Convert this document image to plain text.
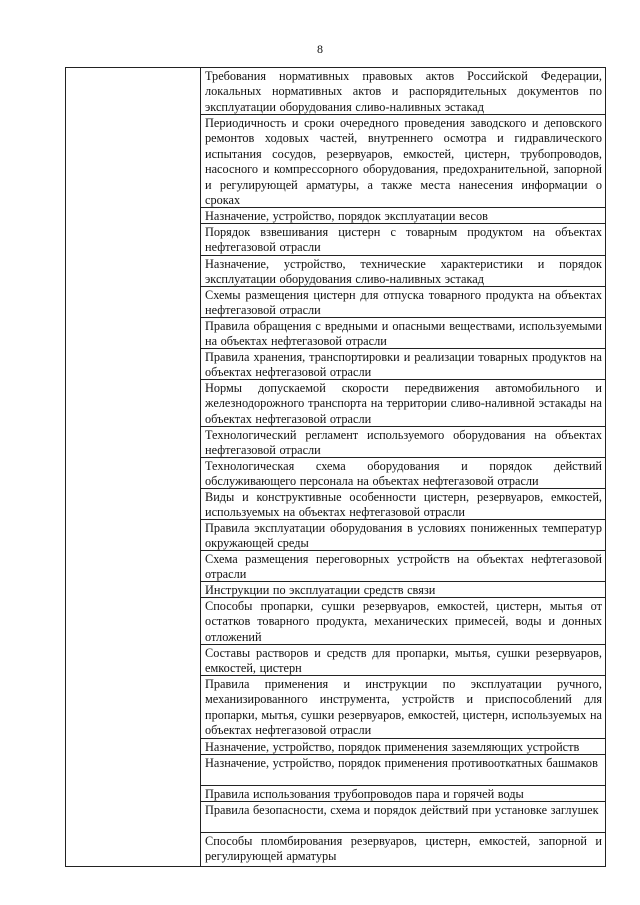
8
Требования нормативных правовых актов Российской Федерации, локальных нормативных актов и распорядительных документов по эксплуатации оборудования сливо-наливных эстакад
Периодичность и сроки очередного проведения заводского и деповского ремонтов ходовых частей, внутреннего осмотра и гидравлического испытания сосудов, резервуаров, емкостей, цистерн, трубопроводов, насосного и компрессорного оборудования, предохранительной, запорной и регулирующей арматуры, а также места нанесения информации о сроках
Назначение, устройство, порядок эксплуатации весов
Порядок взвешивания цистерн с товарным продуктом на объектах нефтегазовой отрасли
Назначение, устройство, технические характеристики и порядок эксплуатации оборудования сливо-наливных эстакад
Схемы размещения цистерн для отпуска товарного продукта на объектах нефтегазовой отрасли
Правила обращения с вредными и опасными веществами, используемыми на объектах нефтегазовой отрасли
Правила хранения, транспортировки и реализации товарных продуктов на объектах нефтегазовой отрасли
Нормы допускаемой скорости передвижения автомобильного и железнодорожного транспорта на территории сливо-наливной эстакады на объектах нефтегазовой отрасли
Технологический регламент используемого оборудования на объектах нефтегазовой отрасли
Технологическая схема оборудования и порядок действий обслуживающего персонала на объектах нефтегазовой отрасли
Виды и конструктивные особенности цистерн, резервуаров, емкостей, используемых на объектах нефтегазовой отрасли
Правила эксплуатации оборудования в условиях пониженных температур окружающей среды
Схема размещения переговорных устройств на объектах нефтегазовой отрасли
Инструкции по эксплуатации средств связи
Способы пропарки, сушки резервуаров, емкостей, цистерн, мытья от остатков товарного продукта, механических примесей, воды и донных отложений
Составы растворов и средств для пропарки, мытья, сушки резервуаров, емкостей, цистерн
Правила применения и инструкции по эксплуатации ручного, механизированного инструмента, устройств и приспособлений для пропарки, мытья, сушки резервуаров, емкостей, цистерн, используемых на объектах нефтегазовой отрасли
Назначение, устройство, порядок применения заземляющих устройств
Назначение, устройство, порядок применения противооткатных башмаков
Правила использования трубопроводов пара и горячей воды
Правила безопасности, схема и порядок действий при установке заглушек
Способы пломбирования резервуаров, цистерн, емкостей, запорной и регулирующей арматуры
